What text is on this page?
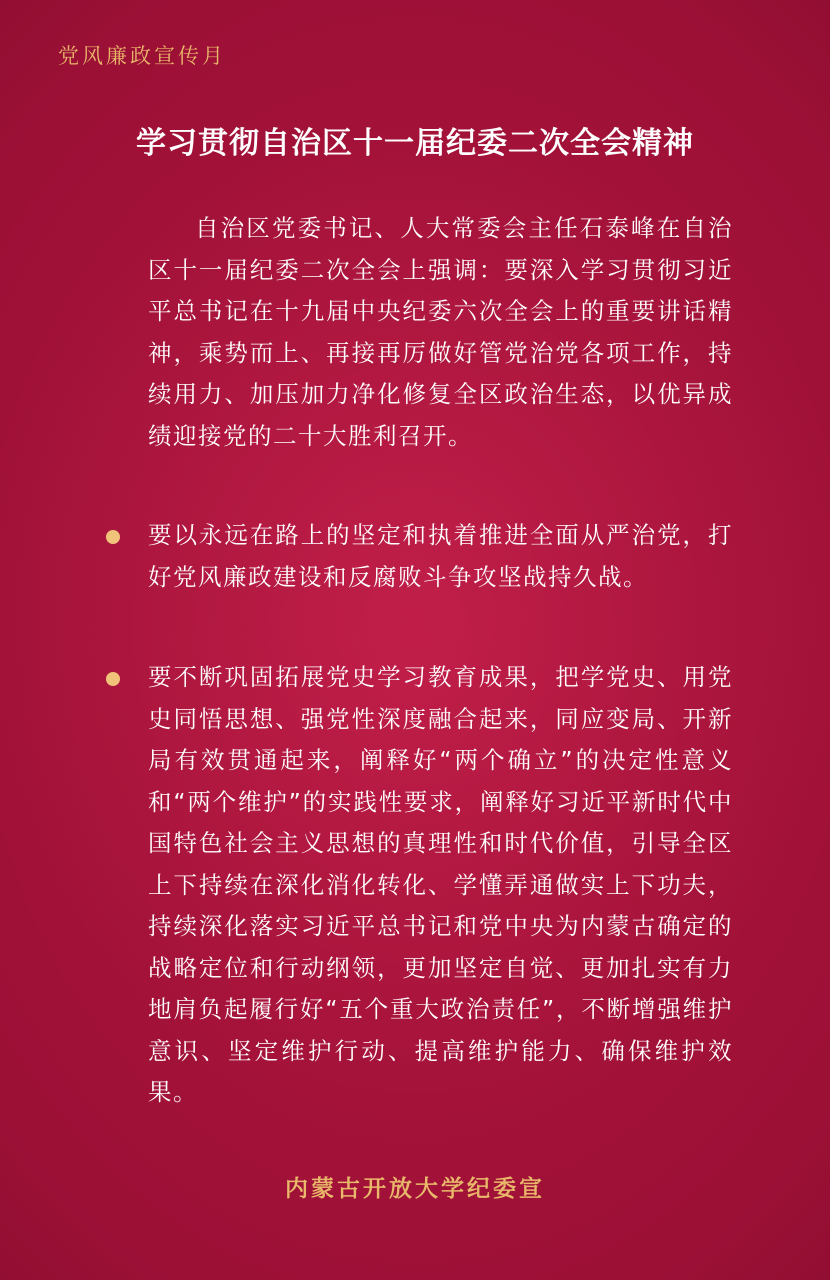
党风廉政宣传月
学习贯彻自治区十一届纪委二次全会精神
自治区党委书记、人大常委会主任石泰峰在自治区十一届纪委二次全会上强调：要深入学习贯彻习近平总书记在十九届中央纪委六次全会上的重要讲话精神，乘势而上、再接再厉做好管党治党各项工作，持续用力、加压加力净化修复全区政治生态，以优异成绩迎接党的二十大胜利召开。
要以永远在路上的坚定和执着推进全面从严治党，打好党风廉政建设和反腐败斗争攻坚战持久战。
要不断巩固拓展党史学习教育成果，把学党史、用党史同悟思想、强党性深度融合起来，同应变局、开新局有效贯通起来，阐释好“两个确立”的决定性意义和“两个维护”的实践性要求，阐释好习近平新时代中国特色社会主义思想的真理性和时代价值，引导全区上下持续在深化消化转化、学懂弄通做实上下功夫，持续深化落实习近平总书记和党中央为内蒙古确定的战略定位和行动纲领，更加坚定自觉、更加扎实有力地肩负起履行好“五个重大政治责任”，不断增强维护意识、坚定维护行动、提高维护能力、确保维护效果。
内蒙古开放大学纪委宣
